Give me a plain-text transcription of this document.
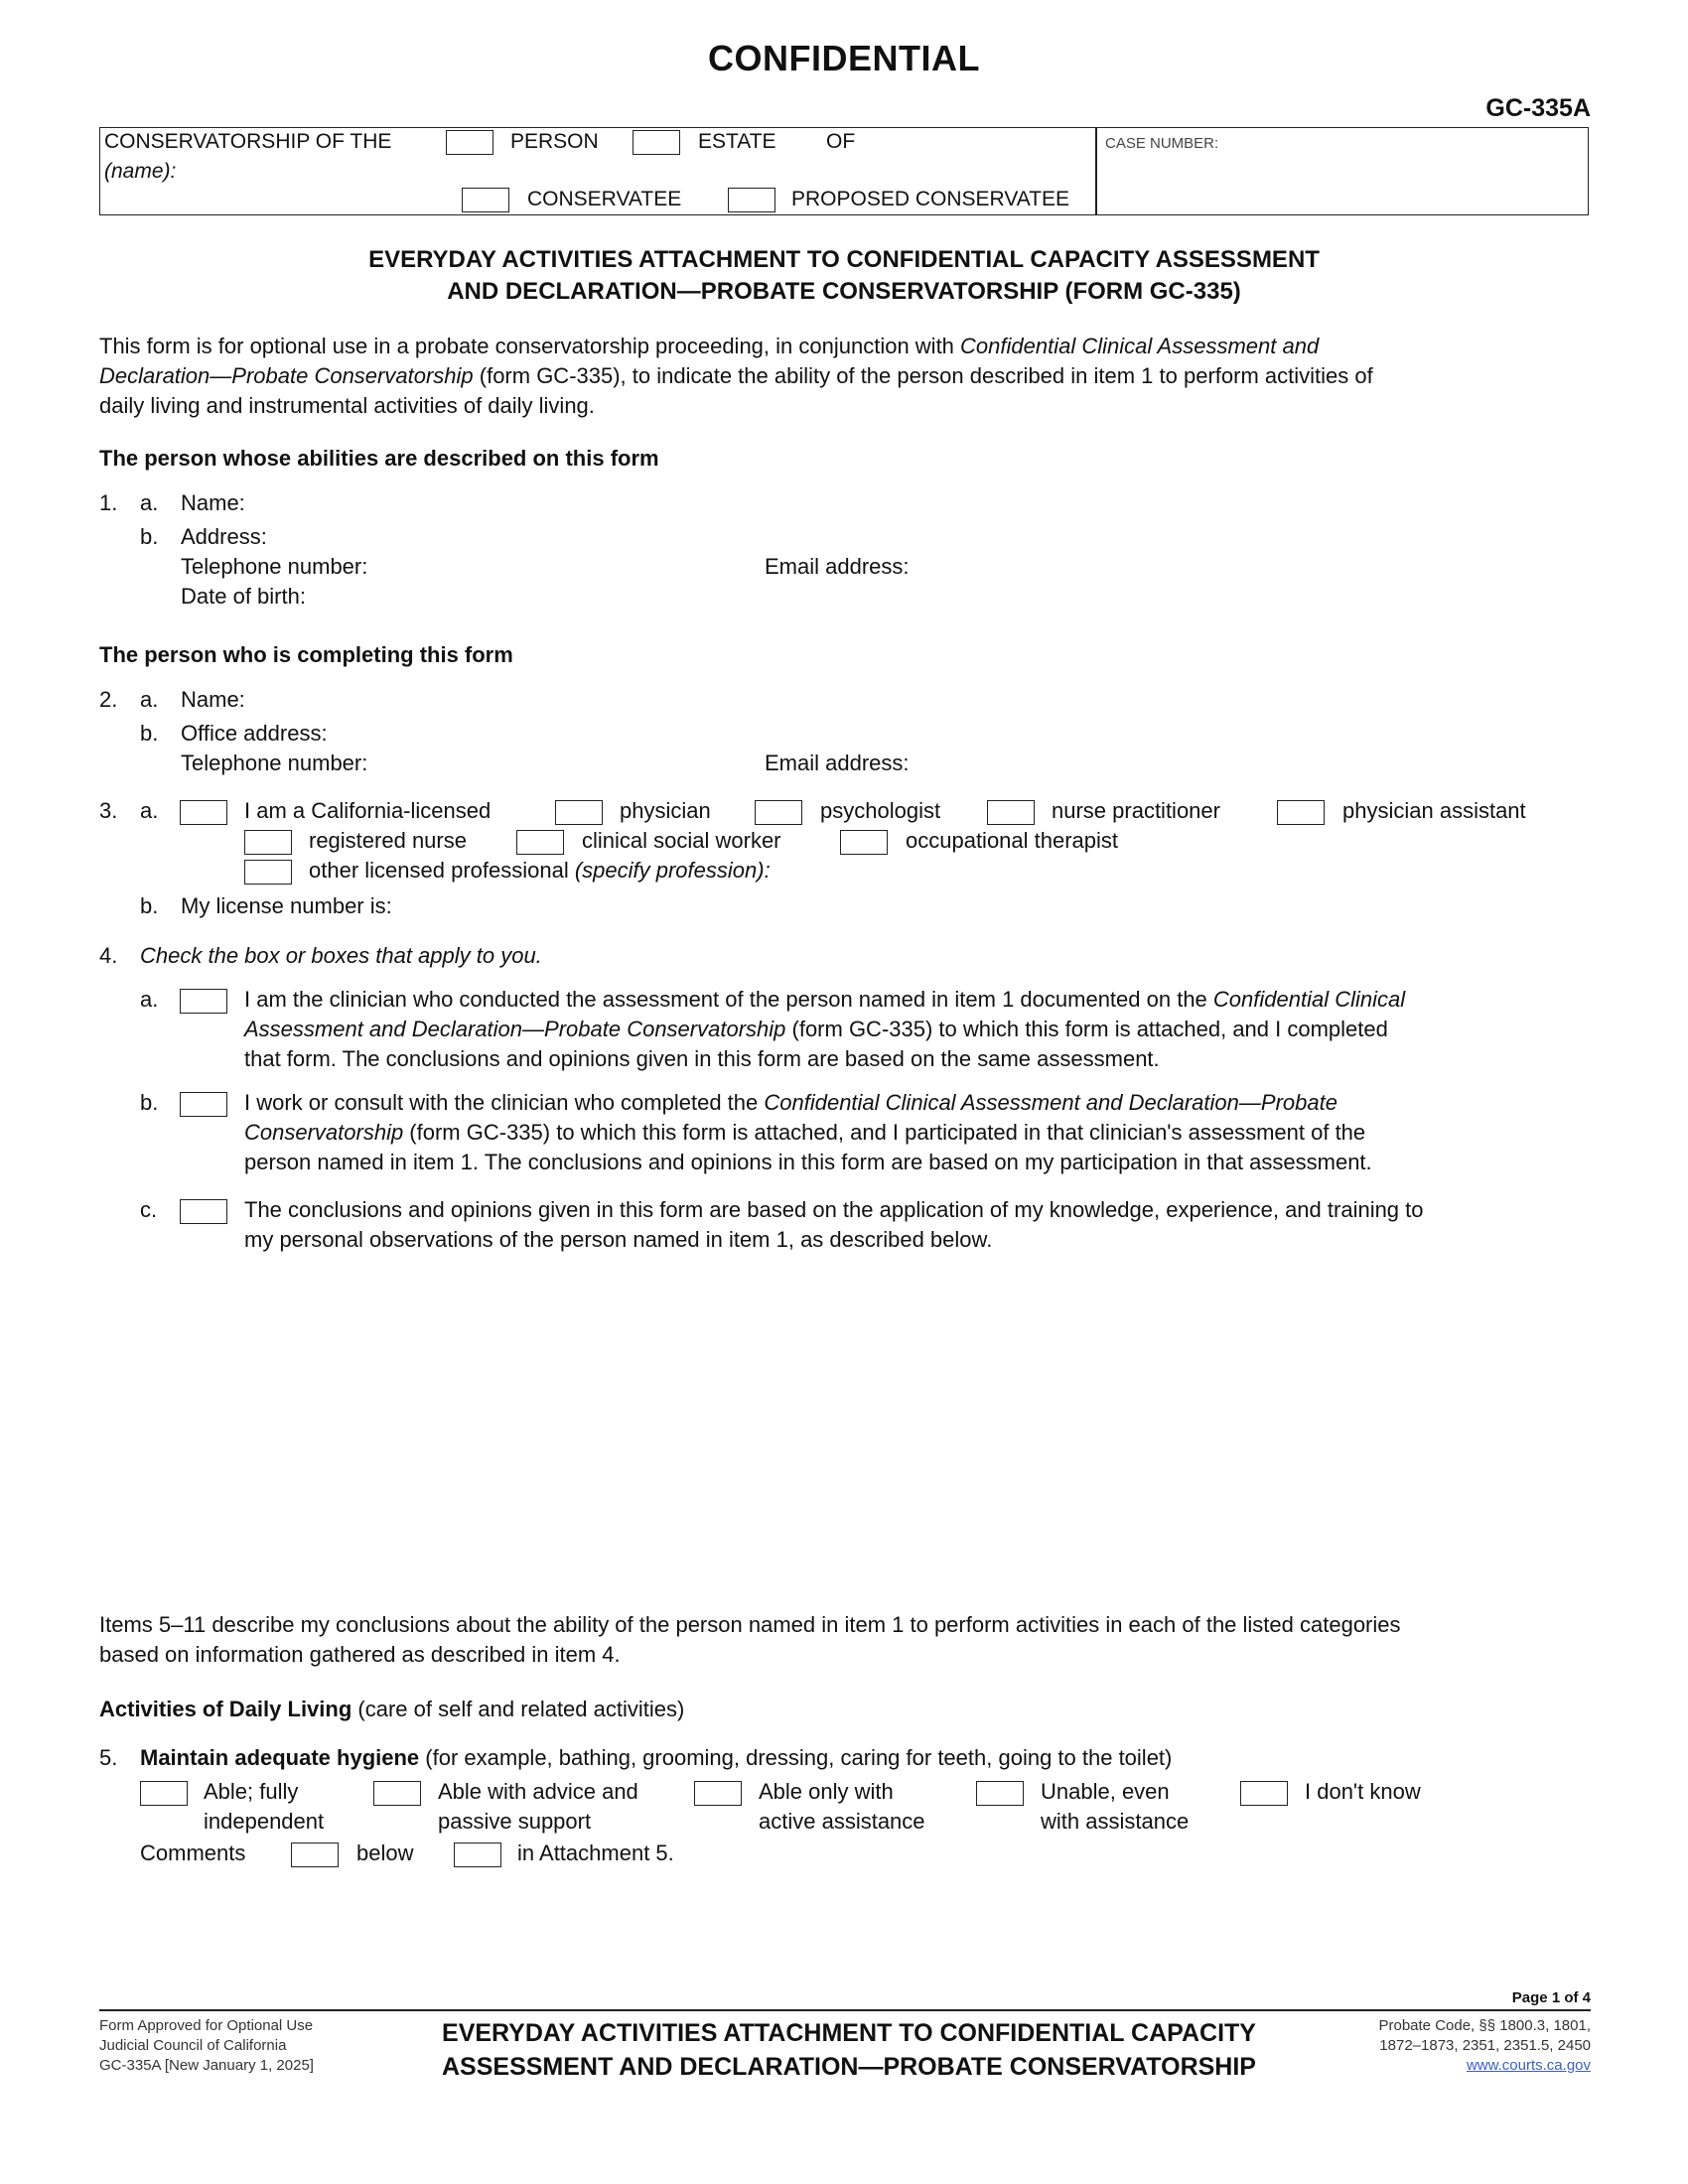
CONFIDENTIAL
GC-335A
CONSERVATORSHIP OF THE	PERSON	ESTATE OF
(name):
CONSERVATEE	PROPOSED CONSERVATEE
CASE NUMBER:
EVERYDAY ACTIVITIES ATTACHMENT TO CONFIDENTIAL CAPACITY ASSESSMENT
AND DECLARATION—PROBATE CONSERVATORSHIP (FORM GC-335)
This form is for optional use in a probate conservatorship proceeding, in conjunction with Confidential Clinical Assessment and
Declaration—Probate Conservatorship (form GC-335), to indicate the ability of the person described in item 1 to perform activities of
daily living and instrumental activities of daily living.
The person whose abilities are described on this form
1. a. Name:
b. Address:
Telephone number:	Email address:
Date of birth:
The person who is completing this form
2. a. Name:
b. Office address:
Telephone number:	Email address:
3. a.	I am a California-licensed	physician	psychologist	nurse practitioner	physician assistant
registered nurse	clinical social worker	occupational therapist
other licensed professional (specify profession):
b. My license number is:
4. Check the box or boxes that apply to you.
a.	I am the clinician who conducted the assessment of the person named in item 1 documented on the Confidential Clinical
Assessment and Declaration—Probate Conservatorship (form GC-335) to which this form is attached, and I completed
that form. The conclusions and opinions given in this form are based on the same assessment.
b.	I work or consult with the clinician who completed the Confidential Clinical Assessment and Declaration—Probate
Conservatorship (form GC-335) to which this form is attached, and I participated in that clinician's assessment of the
person named in item 1. The conclusions and opinions in this form are based on my participation in that assessment.
c.	The conclusions and opinions given in this form are based on the application of my knowledge, experience, and training to
my personal observations of the person named in item 1, as described below.
Items 5–11 describe my conclusions about the ability of the person named in item 1 to perform activities in each of the listed categories
based on information gathered as described in item 4.
Activities of Daily Living (care of self and related activities)
5. Maintain adequate hygiene (for example, bathing, grooming, dressing, caring for teeth, going to the toilet)
Able; fully
independent
Able with advice and
passive support
Able only with
active assistance
Unable, even
with assistance
I don't know
Comments	below	in Attachment 5.
Page 1 of 4
Form Approved for Optional Use
Judicial Council of California
GC-335A [New January 1, 2025]
EVERYDAY ACTIVITIES ATTACHMENT TO CONFIDENTIAL CAPACITY
ASSESSMENT AND DECLARATION—PROBATE CONSERVATORSHIP
Probate Code, §§ 1800.3, 1801,
1872–1873, 2351, 2351.5, 2450
www.courts.ca.gov
